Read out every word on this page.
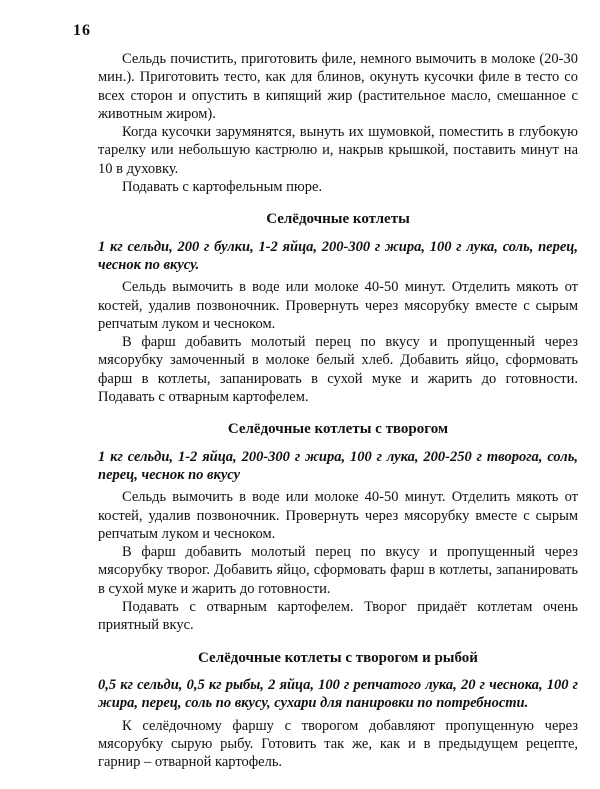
16

Сельдь почистить, приготовить филе, немного вымочить в молоке (20-30 мин.). Приготовить тесто, как для блинов, окунуть кусочки филе в тесто со всех сторон и опустить в кипящий жир (растительное масло, смешанное с животным жиром).

Когда кусочки зарумянятся, вынуть их шумовкой, поместить в глубокую тарелку или небольшую кастрюлю и, накрыв крышкой, поставить минут на 10 в духовку.

Подавать с картофельным пюре.

Селёдочные котлеты

1 кг сельди, 200 г булки, 1-2 яйца, 200-300 г жира, 100 г лука, соль, перец, чеснок по вкусу.

Сельдь вымочить в воде или молоке 40-50 минут. Отделить мякоть от костей, удалив позвоночник. Провернуть через мясорубку вместе с сырым репчатым луком и чесноком.

В фарш добавить молотый перец по вкусу и пропущенный через мясорубку замоченный в молоке белый хлеб. Добавить яйцо, сформовать фарш в котлеты, запанировать в сухой муке и жарить до готовности. Подавать с отварным картофелем.

Селёдочные котлеты с творогом

1 кг сельди, 1-2 яйца, 200-300 г жира, 100 г лука, 200-250 г творога, соль, перец, чеснок по вкусу

Сельдь вымочить в воде или молоке 40-50 минут. Отделить мякоть от костей, удалив позвоночник. Провернуть через мясорубку вместе с сырым репчатым луком и чесноком.

В фарш добавить молотый перец по вкусу и пропущенный через мясорубку творог. Добавить яйцо, сформовать фарш в котлеты, запанировать в сухой муке и жарить до готовности.

Подавать с отварным картофелем. Творог придаёт котлетам очень приятный вкус.

Селёдочные котлеты с творогом и рыбой

0,5 кг сельди, 0,5 кг рыбы, 2 яйца, 100 г репчатого лука, 20 г чеснока, 100 г жира, перец, соль по вкусу, сухари для панировки по потребности.

К селёдочному фаршу с творогом добавляют пропущенную через мясорубку сырую рыбу. Готовить так же, как и в предыдущем рецепте, гарнир – отварной картофель.
